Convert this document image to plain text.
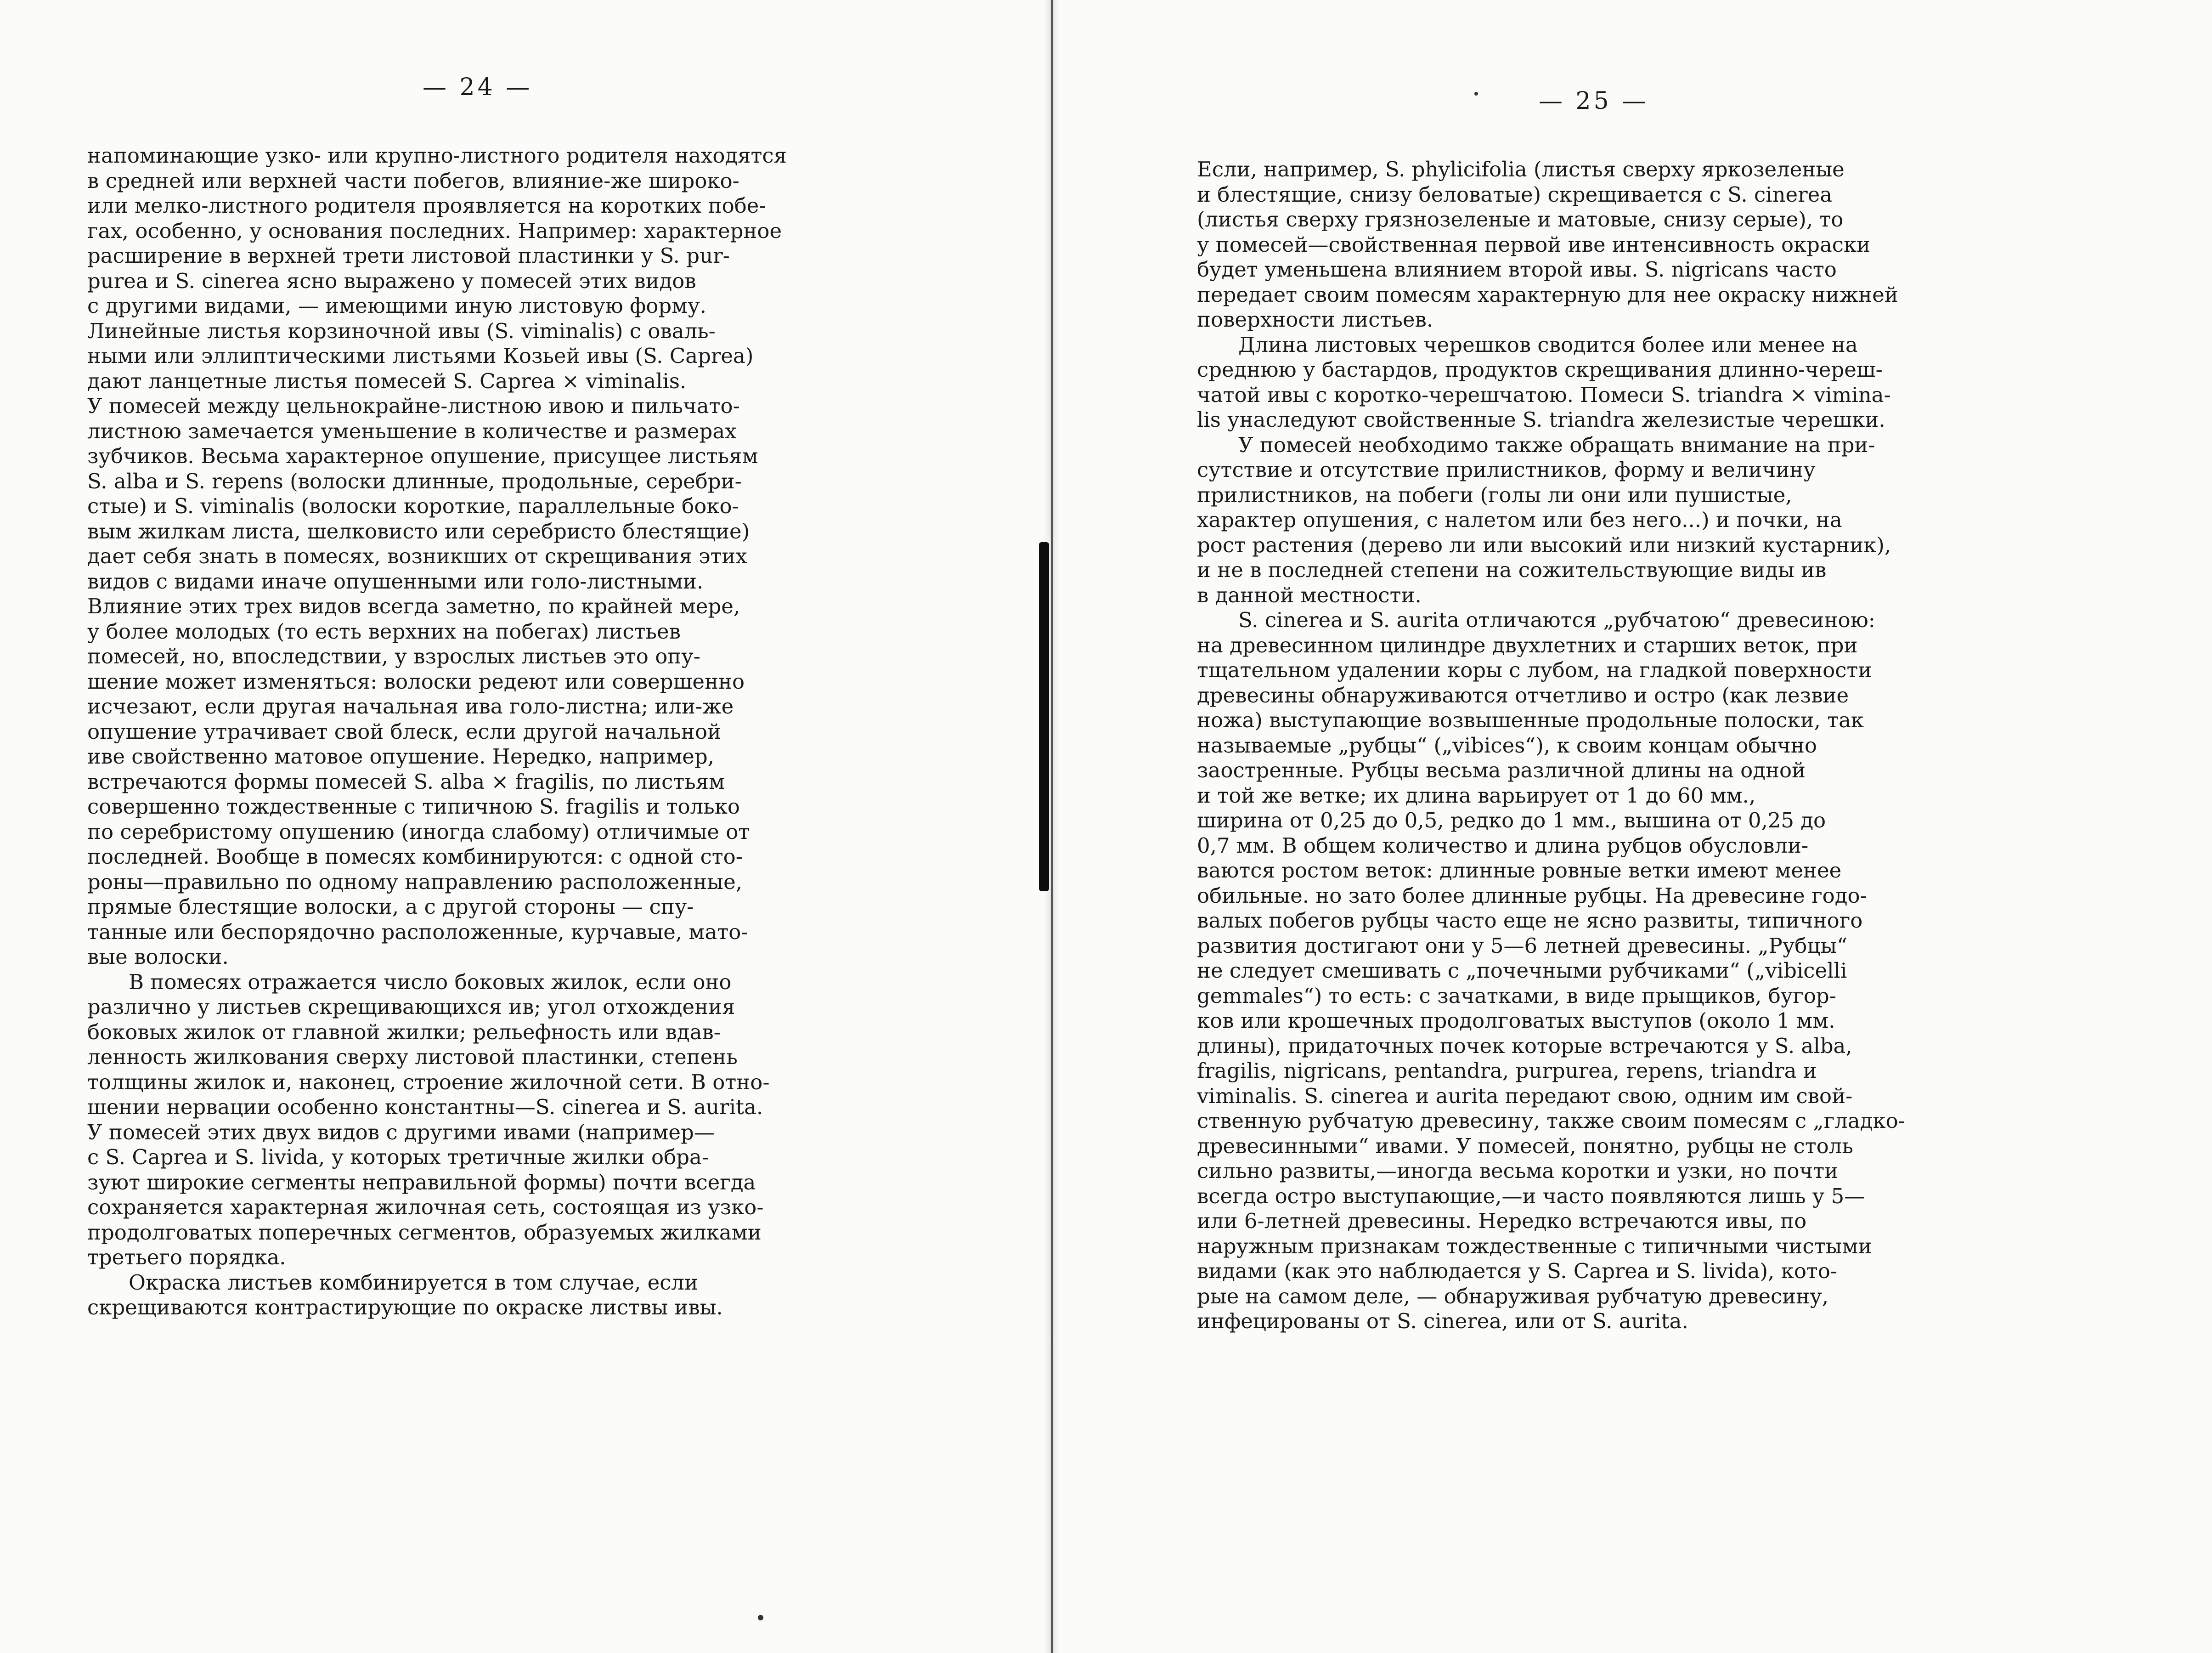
— 24 —

напоминающие узко- или крупно-листного родителя находятся
в средней или верхней части побегов, влияние-же широко-
или мелко-листного родителя проявляется на коротких побе-
гах, особенно, у основания последних. Например: характерное
расширение в верхней трети листовой пластинки у S. pur-
purea и S. cinerea ясно выражено у помесей этих видов
с другими видами, — имеющими иную листовую форму.
Линейные листья корзиночной ивы (S. viminalis) с оваль-
ными или эллиптическими листьями Козьей ивы (S. Caprea)
дают ланцетные листья помесей S. Caprea × viminalis.
У помесей между цельнокрайне-листною ивою и пильчато-
листною замечается уменьшение в количестве и размерах
зубчиков. Весьма характерное опушение, присущее листьям
S. alba и S. repens (волоски длинные, продольные, серебри-
стые) и S. viminalis (волоски короткие, параллельные боко-
вым жилкам листа, шелковисто или серебристо блестящие)
дает себя знать в помесях, возникших от скрещивания этих
видов с видами иначе опушенными или голо-листными.
Влияние этих трех видов всегда заметно, по крайней мере,
у более молодых (то есть верхних на побегах) листьев
помесей, но, впоследствии, у взрослых листьев это опу-
шение может изменяться: волоски редеют или совершенно
исчезают, если другая начальная ива голо-листна; или-же
опушение утрачивает свой блеск, если другой начальной
иве свойственно матовое опушение. Нередко, например,
встречаются формы помесей S. alba × fragilis, по листьям
совершенно тождественные с типичною S. fragilis и только
по серебристому опушению (иногда слабому) отличимые от
последней. Вообще в помесях комбинируются: с одной сто-
роны—правильно по одному направлению расположенные,
прямые блестящие волоски, а с другой стороны — спу-
танные или беспорядочно расположенные, курчавые, мато-
вые волоски.
В помесях отражается число боковых жилок, если оно
различно у листьев скрещивающихся ив; угол отхождения
боковых жилок от главной жилки; рельефность или вдав-
ленность жилкования сверху листовой пластинки, степень
толщины жилок и, наконец, строение жилочной сети. В отно-
шении нервации особенно константны—S. cinerea и S. aurita.
У помесей этих двух видов с другими ивами (например—
с S. Caprea и S. livida, у которых третичные жилки обра-
зуют широкие сегменты неправильной формы) почти всегда
сохраняется характерная жилочная сеть, состоящая из узко-
продолговатых поперечных сегментов, образуемых жилками
третьего порядка.
Окраска листьев комбинируется в том случае, если
скрещиваются контрастирующие по окраске листвы ивы.

— 25 —

Если, например, S. phylicifolia (листья сверху яркозеленые
и блестящие, снизу беловатые) скрещивается с S. cinerea
(листья сверху грязнозеленые и матовые, снизу серые), то
у помесей—свойственная первой иве интенсивность окраски
будет уменьшена влиянием второй ивы. S. nigricans часто
передает своим помесям характерную для нее окраску нижней
поверхности листьев.
Длина листовых черешков сводится более или менее на
среднюю у бастардов, продуктов скрещивания длинно-череш-
чатой ивы с коротко-черешчатою. Помеси S. triandra × vimina-
lis унаследуют свойственные S. triandra железистые черешки.
У помесей необходимо также обращать внимание на при-
сутствие и отсутствие прилистников, форму и величину
прилистников, на побеги (голы ли они или пушистые,
характер опушения, с налетом или без него...) и почки, на
рост растения (дерево ли или высокий или низкий кустарник),
и не в последней степени на сожительствующие виды ив
в данной местности.
S. cinerea и S. aurita отличаются „рубчатою“ древесиною:
на древесинном цилиндре двухлетних и старших веток, при
тщательном удалении коры с лубом, на гладкой поверхности
древесины обнаруживаются отчетливо и остро (как лезвие
ножа) выступающие возвышенные продольные полоски, так
называемые „рубцы“ („vibices“), к своим концам обычно
заостренные. Рубцы весьма различной длины на одной
и той же ветке; их длина варьирует от 1 до 60 мм.,
ширина от 0,25 до 0,5, редко до 1 мм., вышина от 0,25 до
0,7 мм. В общем количество и длина рубцов обусловли-
ваются ростом веток: длинные ровные ветки имеют менее
обильные. но зато более длинные рубцы. На древесине годо-
валых побегов рубцы часто еще не ясно развиты, типичного
развития достигают они у 5—6 летней древесины. „Рубцы“
не следует смешивать с „почечными рубчиками“ („vibicelli
gemmales“) то есть: с зачатками, в виде прыщиков, бугор-
ков или крошечных продолговатых выступов (около 1 мм.
длины), придаточных почек которые встречаются у S. alba,
fragilis, nigricans, pentandra, purpurea, repens, triandra и
viminalis. S. cinerea и aurita передают свою, одним им свой-
ственную рубчатую древесину, также своим помесям с „гладко-
древесинными“ ивами. У помесей, понятно, рубцы не столь
сильно развиты,—иногда весьма коротки и узки, но почти
всегда остро выступающие,—и часто появляются лишь у 5—
или 6-летней древесины. Нередко встречаются ивы, по
наружным признакам тождественные с типичными чистыми
видами (как это наблюдается у S. Caprea и S. livida), кото-
рые на самом деле, — обнаруживая рубчатую древесину,
инфецированы от S. cinerea, или от S. aurita.
